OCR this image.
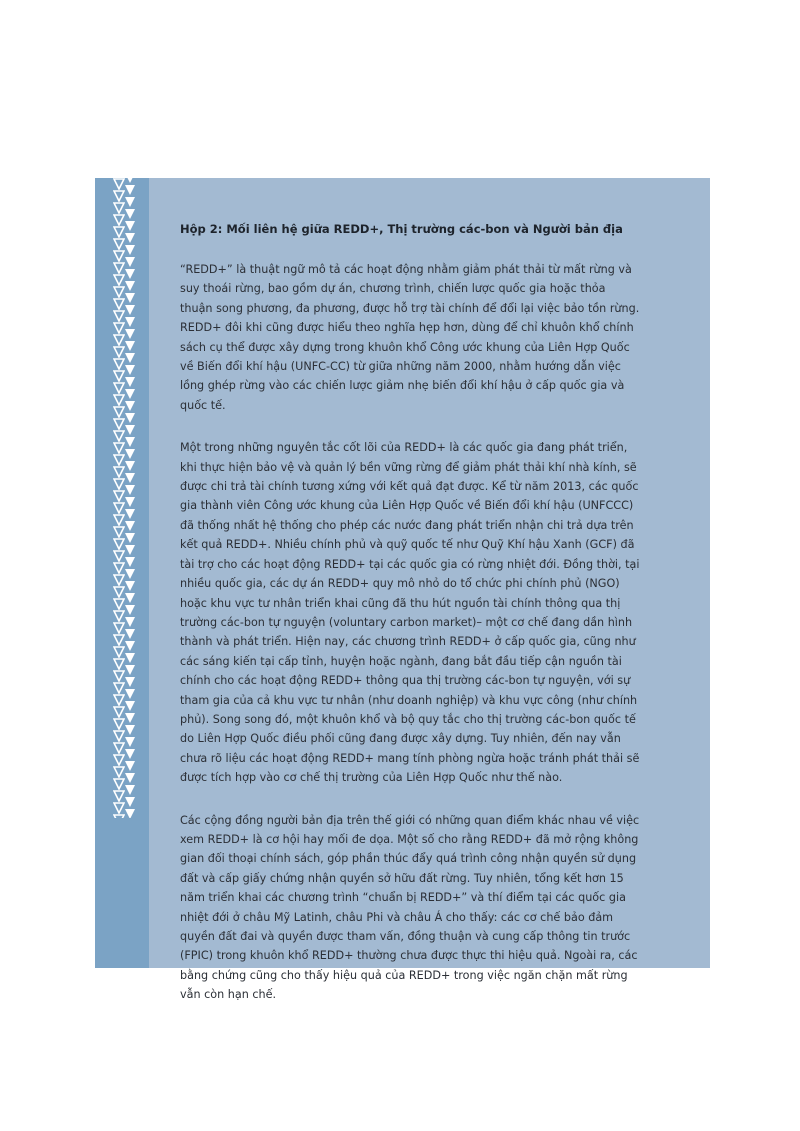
Hộp 2: Mối liên hệ giữa REDD+, Thị trường các-bon và Người bản địa

“REDD+” là thuật ngữ mô tả các hoạt động nhằm giảm phát thải từ mất rừng và suy thoái rừng, bao gồm dự án, chương trình, chiến lược quốc gia hoặc thỏa thuận song phương, đa phương, được hỗ trợ tài chính để đổi lại việc bảo tồn rừng. REDD+ đôi khi cũng được hiểu theo nghĩa hẹp hơn, dùng để chỉ khuôn khổ chính sách cụ thể được xây dựng trong khuôn khổ Công ước khung của Liên Hợp Quốc về Biến đổi khí hậu (UNFC-CC) từ giữa những năm 2000, nhằm hướng dẫn việc lồng ghép rừng vào các chiến lược giảm nhẹ biến đổi khí hậu ở cấp quốc gia và quốc tế.

Một trong những nguyên tắc cốt lõi của REDD+ là các quốc gia đang phát triển, khi thực hiện bảo vệ và quản lý bền vững rừng để giảm phát thải khí nhà kính, sẽ được chi trả tài chính tương xứng với kết quả đạt được. Kể từ năm 2013, các quốc gia thành viên Công ước khung của Liên Hợp Quốc về Biến đổi khí hậu (UNFCCC) đã thống nhất hệ thống cho phép các nước đang phát triển nhận chi trả dựa trên kết quả REDD+. Nhiều chính phủ và quỹ quốc tế như Quỹ Khí hậu Xanh (GCF) đã tài trợ cho các hoạt động REDD+ tại các quốc gia có rừng nhiệt đới. Đồng thời, tại nhiều quốc gia, các dự án REDD+ quy mô nhỏ do tổ chức phi chính phủ (NGO) hoặc khu vực tư nhân triển khai cũng đã thu hút nguồn tài chính thông qua thị trường các-bon tự nguyện (voluntary carbon market)– một cơ chế đang dần hình thành và phát triển. Hiện nay, các chương trình REDD+ ở cấp quốc gia, cũng như các sáng kiến tại cấp tỉnh, huyện hoặc ngành, đang bắt đầu tiếp cận nguồn tài chính cho các hoạt động REDD+ thông qua thị trường các-bon tự nguyện, với sự tham gia của cả khu vực tư nhân (như doanh nghiệp) và khu vực công (như chính phủ). Song song đó, một khuôn khổ và bộ quy tắc cho thị trường các-bon quốc tế do Liên Hợp Quốc điều phối cũng đang được xây dựng. Tuy nhiên, đến nay vẫn chưa rõ liệu các hoạt động REDD+ mang tính phòng ngừa hoặc tránh phát thải sẽ được tích hợp vào cơ chế thị trường của Liên Hợp Quốc như thế nào.

Các cộng đồng người bản địa trên thế giới có những quan điểm khác nhau về việc xem REDD+ là cơ hội hay mối đe dọa. Một số cho rằng REDD+ đã mở rộng không gian đối thoại chính sách, góp phần thúc đẩy quá trình công nhận quyền sử dụng đất và cấp giấy chứng nhận quyền sở hữu đất rừng. Tuy nhiên, tổng kết hơn 15 năm triển khai các chương trình “chuẩn bị REDD+” và thí điểm tại các quốc gia nhiệt đới ở châu Mỹ Latinh, châu Phi và châu Á cho thấy: các cơ chế bảo đảm quyền đất đai và quyền được tham vấn, đồng thuận và cung cấp thông tin trước (FPIC) trong khuôn khổ REDD+ thường chưa được thực thi hiệu quả. Ngoài ra, các bằng chứng cũng cho thấy hiệu quả của REDD+ trong việc ngăn chặn mất rừng vẫn còn hạn chế.
